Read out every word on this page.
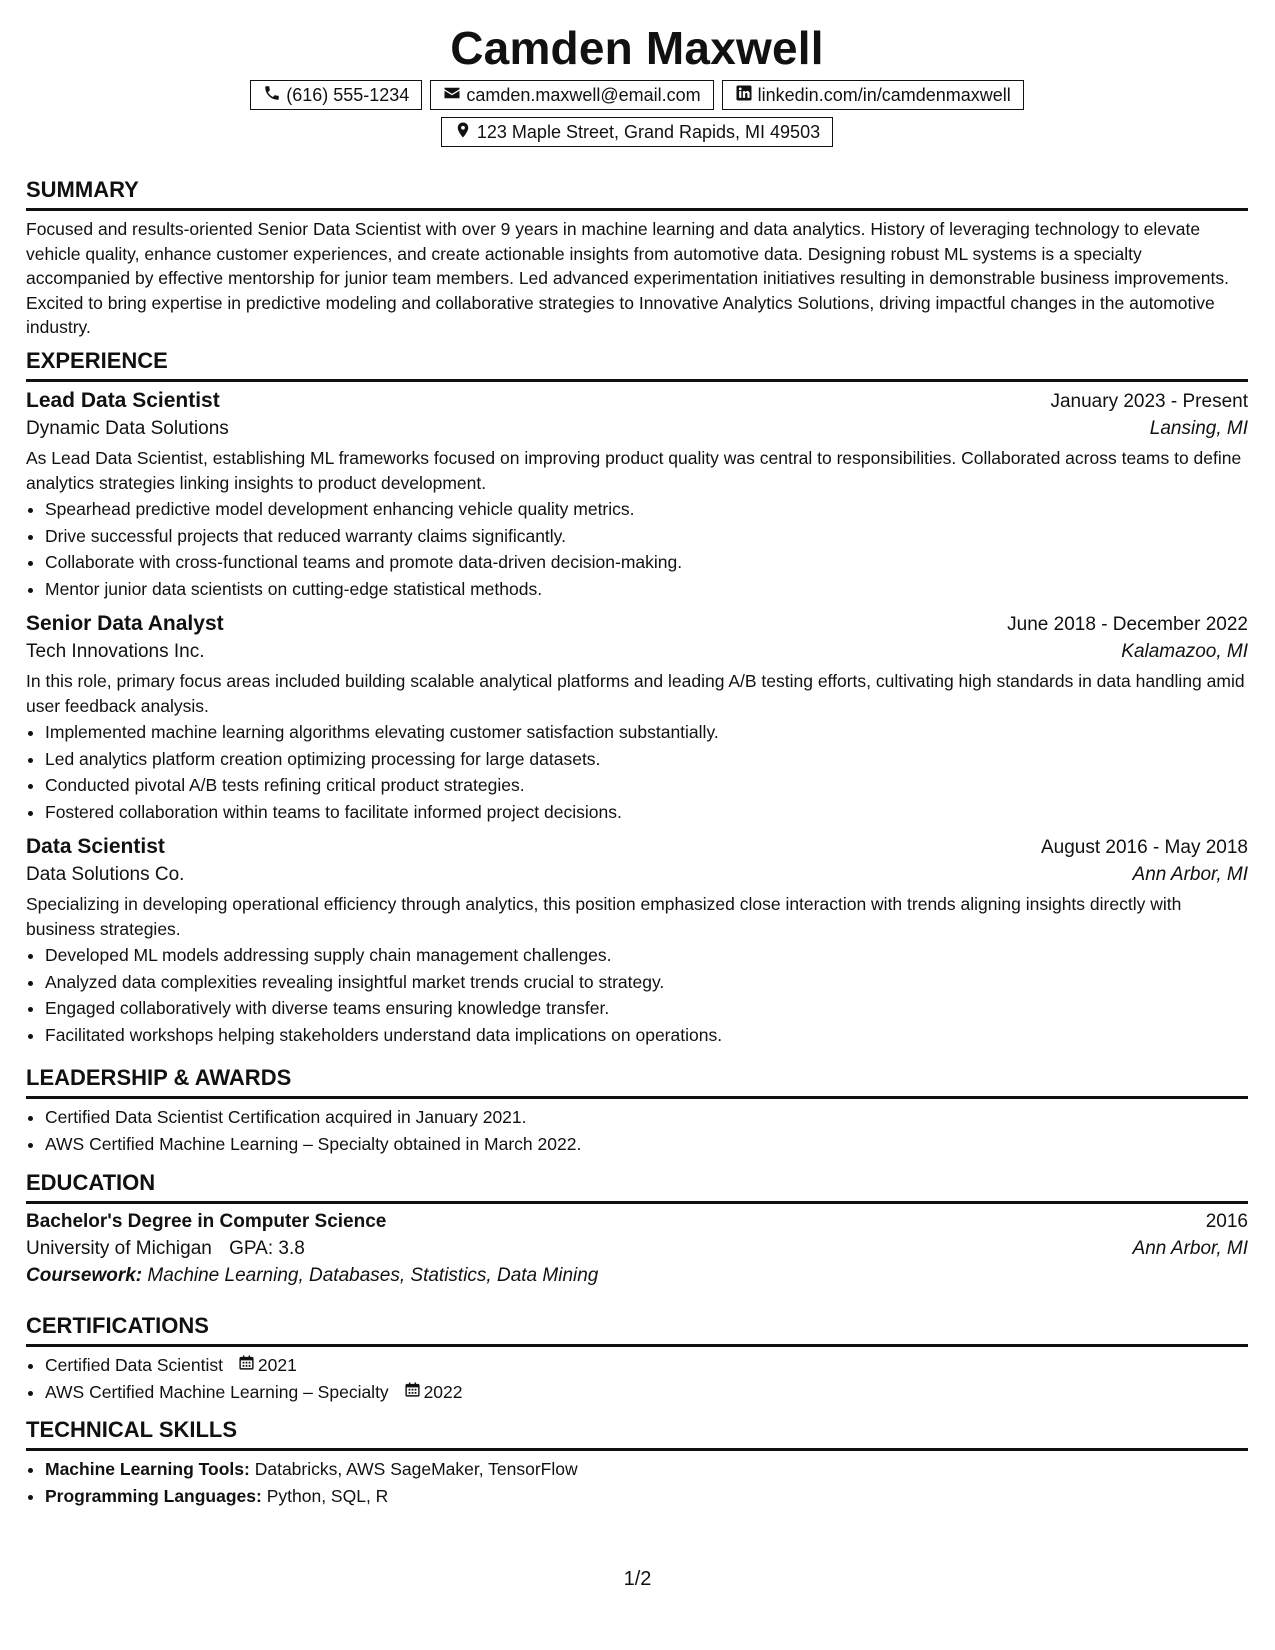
Camden Maxwell
(616) 555-1234	camden.maxwell@email.com	linkedin.com/in/camdenmaxwell
123 Maple Street, Grand Rapids, MI 49503
SUMMARY

Focused and results-oriented Senior Data Scientist with over 9 years in machine learning and data analytics. History of leveraging technology to elevate vehicle quality, enhance customer experiences, and create actionable insights from automotive data. Designing robust ML systems is a specialty accompanied by effective mentorship for junior team members. Led advanced experimentation initiatives resulting in demonstrable business improvements. Excited to bring expertise in predictive modeling and collaborative strategies to Innovative Analytics Solutions, driving impactful changes in the automotive industry.

EXPERIENCE
Lead Data Scientist	January 2023 - Present
Dynamic Data Solutions	Lansing, MI

As Lead Data Scientist, establishing ML frameworks focused on improving product quality was central to responsibilities. Collaborated across teams to define analytics strategies linking insights to product development.

• Spearhead predictive model development enhancing vehicle quality metrics.
• Drive successful projects that reduced warranty claims significantly.
• Collaborate with cross-functional teams and promote data-driven decision-making.
• Mentor junior data scientists on cutting-edge statistical methods.
Senior Data Analyst	June 2018 - December 2022
Tech Innovations Inc.	Kalamazoo, MI

In this role, primary focus areas included building scalable analytical platforms and leading A/B testing efforts, cultivating high standards in data handling amid user feedback analysis.

• Implemented machine learning algorithms elevating customer satisfaction substantially.
• Led analytics platform creation optimizing processing for large datasets.
• Conducted pivotal A/B tests refining critical product strategies.
• Fostered collaboration within teams to facilitate informed project decisions.
Data Scientist	August 2016 - May 2018
Data Solutions Co.	Ann Arbor, MI

Specializing in developing operational efficiency through analytics, this position emphasized close interaction with trends aligning insights directly with business strategies.

• Developed ML models addressing supply chain management challenges.
• Analyzed data complexities revealing insightful market trends crucial to strategy.
• Engaged collaboratively with diverse teams ensuring knowledge transfer.
• Facilitated workshops helping stakeholders understand data implications on operations.
LEADERSHIP & AWARDS
• Certified Data Scientist Certification acquired in January 2021.
• AWS Certified Machine Learning – Specialty obtained in March 2022.
EDUCATION
Bachelor's Degree in Computer Science	2016
University of Michigan GPA: 3.8	Ann Arbor, MI
Coursework: Machine Learning, Databases, Statistics, Data Mining
CERTIFICATIONS
• Certified Data Scientist 2021
• AWS Certified Machine Learning – Specialty 2022
TECHNICAL SKILLS
• Machine Learning Tools: Databricks, AWS SageMaker, TensorFlow
• Programming Languages: Python, SQL, R
1/2
